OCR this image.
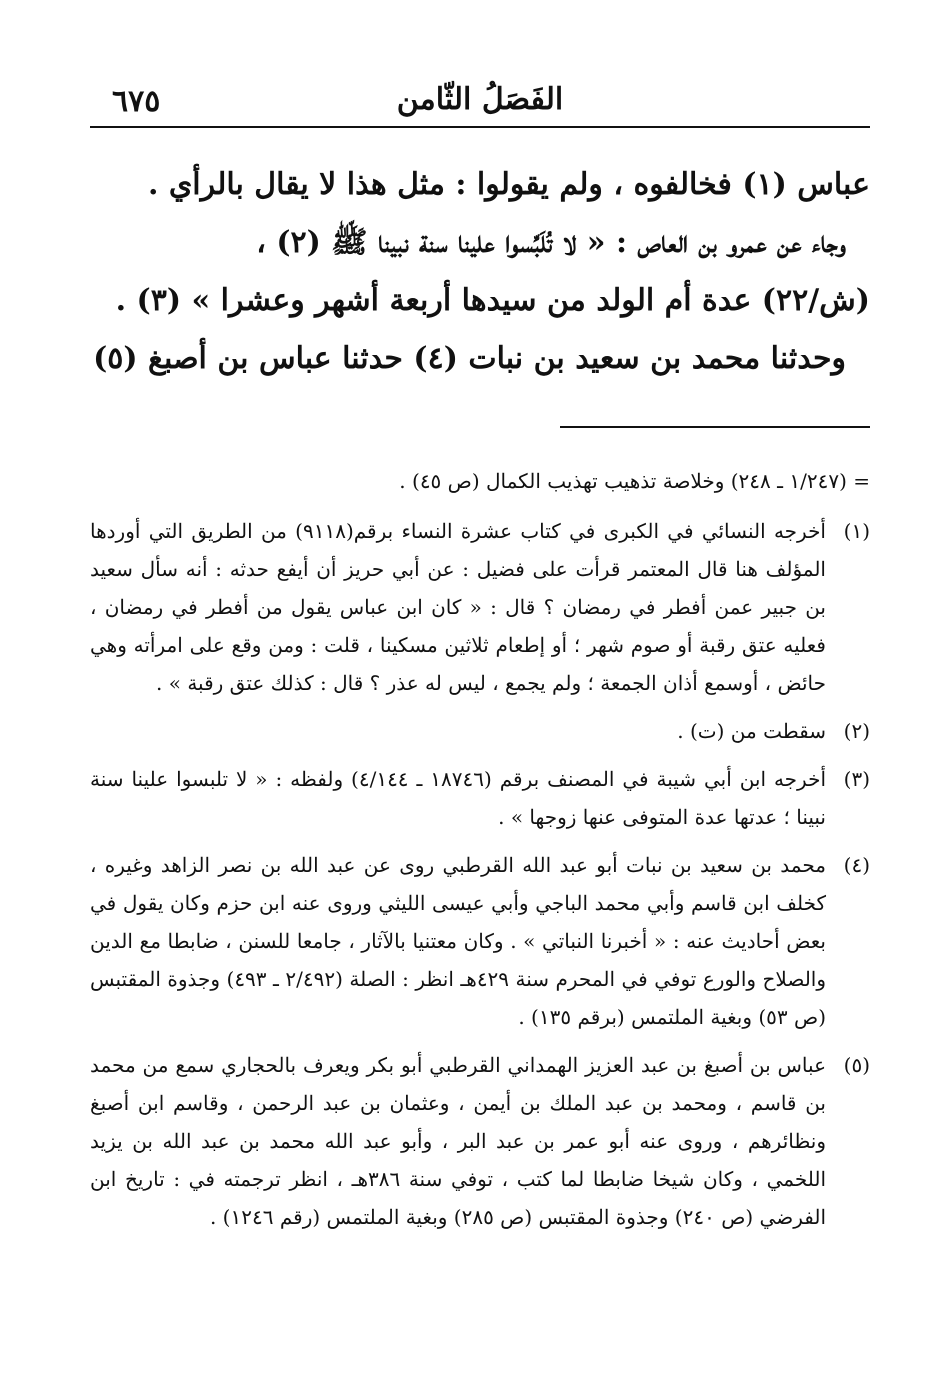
الفَصَلُ الثّامن
٦٧٥

عباس (١) فخالفوه ، ولم يقولوا : مثل هذا لا يقال بالرأي .

وجاء عن عمرو بن العاص : « لا تُلَبِّسوا علينا سنة نبينا ﷺ (٢) ،

(ش/٢٢) عدة أم الولد من سيدها أربعة أشهر وعشرا » (٣) .

وحدثنا محمد بن سعيد بن نبات (٤) حدثنا عباس بن أصبغ (٥)

= (١/٢٤٧ ـ ٢٤٨) وخلاصة تذهيب تهذيب الكمال (ص ٤٥) .

(١)
أخرجه النسائي في الكبرى في كتاب عشرة النساء برقم(٩١١٨) من الطريق التي أوردها المؤلف هنا قال المعتمر قرأت على فضيل : عن أبي حريز أن أيفع حدثه : أنه سأل سعيد بن جبير عمن أفطر في رمضان ؟ قال : « كان ابن عباس يقول من أفطر في رمضان ، فعليه عتق رقبة أو صوم شهر ؛ أو إطعام ثلاثين مسكينا ، قلت : ومن وقع على امرأته وهي حائض ، أوسمع أذان الجمعة ؛ ولم يجمع ، ليس له عذر ؟ قال : كذلك عتق رقبة » .
(٢)
سقطت من (ت) .
(٣)
أخرجه ابن أبي شيبة في المصنف برقم (١٨٧٤٦ ـ ٤/١٤٤) ولفظه : « لا تلبسوا علينا سنة نبينا ؛ عدتها عدة المتوفى عنها زوجها » .
(٤)
محمد بن سعيد بن نبات أبو عبد الله القرطبي روى عن عبد الله بن نصر الزاهد وغيره ، كخلف ابن قاسم وأبي محمد الباجي وأبي عيسى الليثي وروى عنه ابن حزم وكان يقول في بعض أحاديث عنه : « أخبرنا النباتي » . وكان معتنيا بالآثار ، جامعا للسنن ، ضابطا مع الدين والصلاح والورع توفي في المحرم سنة ٤٢٩هـ انظر : الصلة (٢/٤٩٢ ـ ٤٩٣) وجذوة المقتبس (ص ٥٣) وبغية الملتمس (برقم ١٣٥) .
(٥)
عباس بن أصبغ بن عبد العزيز الهمداني القرطبي أبو بكر ويعرف بالحجاري سمع من محمد بن قاسم ، ومحمد بن عبد الملك بن أيمن ، وعثمان بن عبد الرحمن ، وقاسم ابن أصبغ ونظائرهم ، وروى عنه أبو عمر بن عبد البر ، وأبو عبد الله محمد بن عبد الله بن يزيد اللخمي ، وكان شيخا ضابطا لما كتب ، توفي سنة ٣٨٦هـ ، انظر ترجمته في : تاريخ ابن الفرضي (ص ٢٤٠) وجذوة المقتبس (ص ٢٨٥) وبغية الملتمس (رقم ١٢٤٦) .
